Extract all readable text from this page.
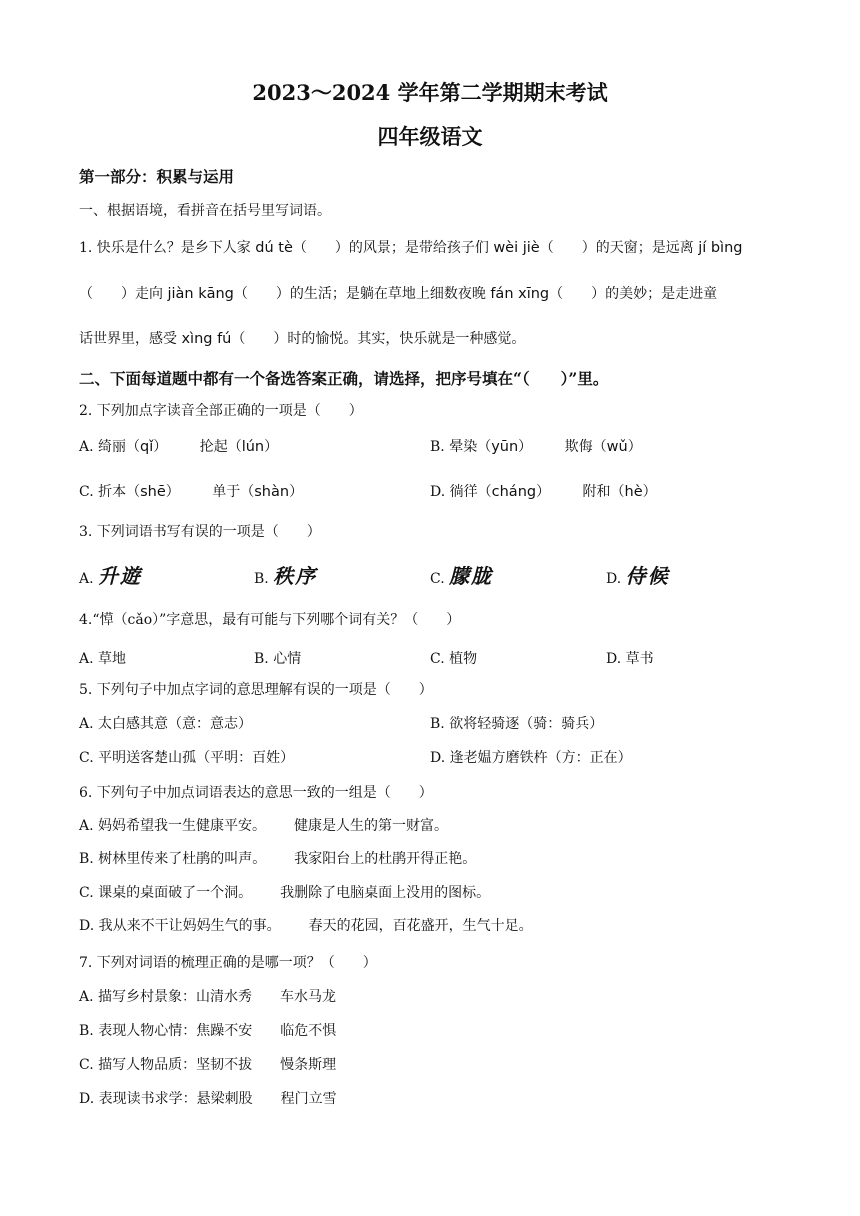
2023～2024 学年第二学期期末考试
四年级语文
第一部分：积累与运用
一、根据语境，看拼音在括号里写词语。
1. 快乐是什么？是乡下人家 dú tè（　　）的风景；是带给孩子们 wèi jiè（　　）的天窗；是远离 jí bìng
（　　）走向 jiàn kāng（　　）的生活；是躺在草地上细数夜晚 fán xīng（　　）的美妙；是走进童
话世界里，感受 xìng fú（　　）时的愉悦。其实，快乐就是一种感觉。
二、下面每道题中都有一个备选答案正确，请选择，把序号填在“（　　）”里。
2. 下列加点字读音全部正确的一项是（　　）
A. 绮丽（qǐ） 抡起（lún）	B. 晕染（yūn） 欺侮（wǔ）
C. 折本（shē） 单于（shàn）	D. 徜徉（cháng） 附和（hè）
3. 下列词语书写有误的一项是（　　）
A. 升遊	B. 秩序	C. 朦胧	D. 侍候
4.“愺（cǎo）”字意思，最有可能与下列哪个词有关？（　　）
A. 草地	B. 心情	C. 植物	D. 草书
5. 下列句子中加点字词的意思理解有误的一项是（　　）
A. 太白感其意（意：意志）	B. 欲将轻骑逐（骑：骑兵）
C. 平明送客楚山孤（平明：百姓）	D. 逢老媪方磨铁杵（方：正在）
6. 下列句子中加点词语表达的意思一致的一组是（　　）
A. 妈妈希望我一生健康平安。 健康是人生的第一财富。
B. 树林里传来了杜鹃的叫声。 我家阳台上的杜鹃开得正艳。
C. 课桌的桌面破了一个洞。 我删除了电脑桌面上没用的图标。
D. 我从来不干让妈妈生气的事。 春天的花园，百花盛开，生气十足。
7. 下列对词语的梳理正确的是哪一项？（　　）
A. 描写乡村景象：山清水秀 车水马龙
B. 表现人物心情：焦躁不安 临危不惧
C. 描写人物品质：坚韧不拔 慢条斯理
D. 表现读书求学：悬梁刺股 程门立雪
